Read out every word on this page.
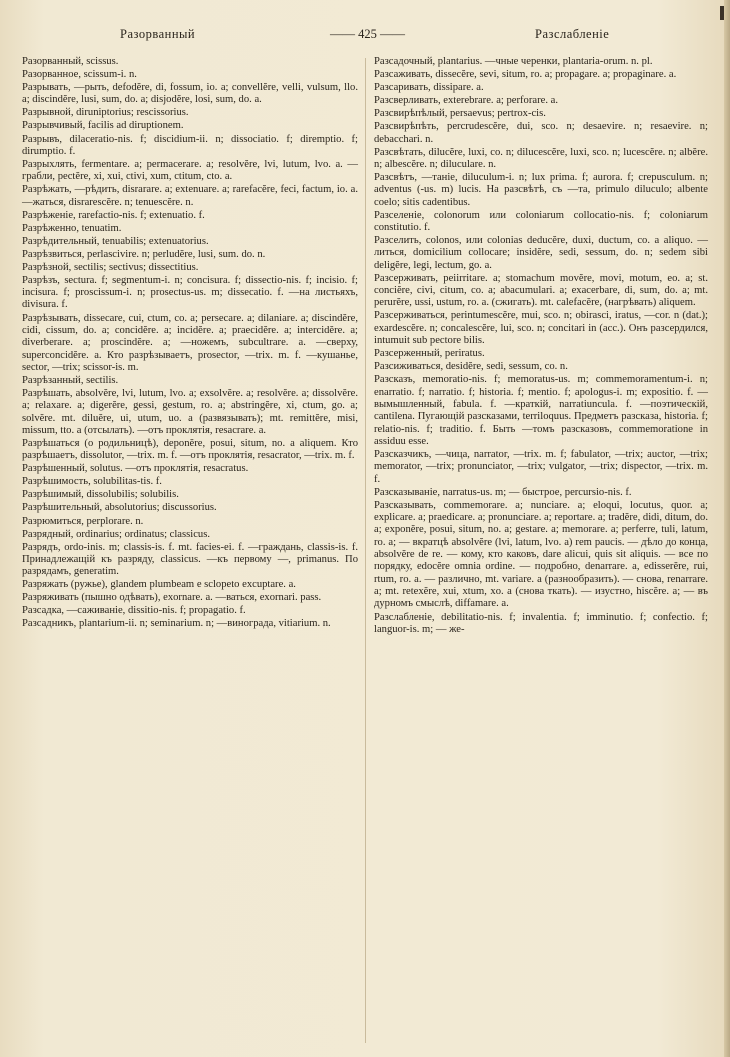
Разорванный	—— 425 ——	Разслабленіе
Разорванный, scissus.
Разорванное, scissum-i. n.
Разрывать, —рыть, defodĕre, di, fossum, io. a; convellĕre, velli, vulsum, llo. a; discindĕre, lusi, sum, do. a; disjodĕre, losi, sum, do. a.
Разрывной, diruniptorius; rescissorius.
Разрывчивый, facilis ad diruptionem.
Разрывъ, dilaceratio-nis. f; discidium-ii. n; dissociatio. f; diremptio. f; dirumptio. f.
Разрыхлять, fermentare. a; permacerare. a; resolvĕre, lvi, lutum, lvo. a. —грабли, pectĕre, xi, xui, ctivi, xum, ctitum, cto. a.
Разрѣжать, —рѣдить, disrarare. a; extenuare. a; rarefacĕre, feci, factum, io. a. —жаться, disrarescĕre. n; tenuescĕre. n.
Разрѣженіе, rarefactio-nis. f; extenuatio. f.
Разрѣженно, tenuatim.
Разрѣдительный, tenuabilis; extenuatorius.
Разрѣзвиться, perlascivire. n; perludĕre, lusi, sum. do. n.
Разрѣзной, sectilis; sectivus; dissectitius.
Разрѣзъ, sectura. f; segmentum-i. n; concisura. f; dissectio-nis. f; incisio. f; incisura. f; proscissum-i. n; prosectus-us. m; dissecatio. f. —на листьяхъ, divisura. f.
Разрѣзывать, dissecare, cui, ctum, co. a; persecare. a; dilaniare. a; discindĕre, cidi, cissum, do. a; concidĕre. a; incidĕre. a; praecidĕre. a; intercidĕre. a; diverberare. a; proscindĕre. a; —ножемъ, subcultrare. a. —сверху, superconcidĕre. a. Кто разрѣзываетъ, prosector, —trix. m. f. —кушанье, sector, —trix; scissor-is. m.
Разрѣзанный, sectilis.
Разрѣшать, absolvĕre, lvi, lutum, lvo. a; exsolvĕre. a; resolvĕre. a; dissolvĕre. a; relaxare. a; digerĕre, gessi, gestum, ro. a; abstringĕre, xi, ctum, go. a; solvĕre. mt. diluĕre, ui, utum, uo. a (развязывать); mt. remittĕre, misi, missum, tto. a (отсылать). —отъ проклятія, resacrare. a.
Разрѣшаться (о родильницѣ), deponĕre, posui, situm, no. a aliquem. Кто разрѣшаетъ, dissolutor, —trix. m. f. —отъ проклятія, resacrator, —trix. m. f.
Разрѣшенный, solutus. —отъ проклятія, resacratus.
Разрѣшимость, solubilitas-tis. f.
Разрѣшимый, dissolubilis; solubilis.
Разрѣшительный, absolutorius; discussorius.
Разрюмиться, perplorare. n.
Разрядный, ordinarius; ordinatus; classicus.
Разрядъ, ordo-inis. m; classis-is. f. mt. facies-ei. f. —граждань, classis-is. f. Принадлежащій къ разряду, classicus. —къ первому —, primanus. По разрядамъ, generatim.
Разряжать (ружье), glandem plumbeam e sclopeto excuptare. a.
Разряживать (пышно одѣвать), exornare. a. —ваться, exornari. pass.
Разсадка, —саживаніе, dissitio-nis. f; propagatio. f.
Разсадникъ, plantarium-ii. n; seminarium. n; —винограда, vitiarium. n.
Разсадочный, plantarius. —чные черенки, plantaria-orum. n. pl.
Разсаживать, dissecĕre, sevi, situm, ro. a; propagare. a; propaginare. a.
Разсаривать, dissipare. a.
Разсверливать, exterebrare. a; perforare. a.
Разсвирѣпѣлый, persaevus; pertrox-cis.
Разсвирѣпѣть, percrudescĕre, dui, sco. n; desaevire. n; resaevire. n; debacchari. n.
Разсвѣтать, dilucĕre, luxi, co. n; dilucescĕre, luxi, sco. n; lucescĕre. n; albĕre. n; albescĕre. n; diluculare. n.
Разсвѣтъ, —таніе, diluculum-i. n; lux prima. f; aurora. f; crepusculum. n; adventus (-us. m) lucis. На разсвѣтѣ, съ —та, primulo diluculo; albente coelo; sitis cadentibus.
Разселеніе, colonorum или coloniarum collocatio-nis. f; coloniarum constitutio. f.
Разселить, colonos, или colonias deducĕre, duxi, ductum, co. a aliquo. —литься, domicilium collocare; insidĕre, sedi, sessum, do. n; sedem sibi deligĕre, legi, lectum, go. a.
Разсерживать, peiirritare. a; stomachum movĕre, movi, motum, eo. a; st. conciĕre, civi, citum, co. a; abacumulari. a; exacerbare, di, sum, do. a; mt. perurĕre, ussi, ustum, ro. a. (сжигать). mt. calefacĕre, (нагрѣвать) aliquem.
Разсерживаться, perintumescĕre, mui, sco. n; obirasci, iratus, —cor. n (dat.); exardescĕre. n; concalescĕre, lui, sco. n; concitari in (acc.). Онъ разсердился, intumuit sub pectore bilis.
Разсерженный, periratus.
Разсиживаться, desidĕre, sedi, sessum, co. n.
Разсказъ, memoratio-nis. f; memoratus-us. m; commemoramentum-i. n; enarratio. f; narratio. f; historia. f; mentio. f; apologus-i. m; expositio. f. —вымышленный, fabula. f. —краткій, narratiuncula. f. —поэтическій, cantilena. Пугающій разсказами, terriloquus. Предметъ разсказа, historia. f; relatio-nis. f; traditio. f. Быть —томъ разсказовъ, commemoratione in assiduu esse.
Разсказчикъ, —чица, narrator, —trix. m. f; fabulator, —trix; auctor, —trix; memorator, —trix; pronunciator, —trix; vulgator, —trix; dispector, —trix. m. f.
Разсказываніе, narratus-us. m; — быстрое, percursio-nis. f.
Разсказывать, commemorare. a; nunciare. a; eloqui, locutus, quor. a; explicare. a; praedicare. a; pronunciare. a; reportare. a; tradĕre, didi, ditum, do. a; exponĕre, posui, situm, no. a; gestare. a; memorare. a; perferre, tuli, latum, ro. a; — вкратцѣ absolvĕre (lvi, latum, lvo. a) rem paucis. — дѣло до конца, absolvĕre de re. — кому, кто каковъ, dare alicui, quis sit aliquis. — все по порядку, edocĕre omnia ordine. — подробно, denarrare. a, edisserĕre, rui, rtum, ro. a. — различно, mt. variare. a (разнообразить). — снова, renarrare. a; mt. retexĕre, xui, xtum, xo. a (снова ткать). — изустно, hiscĕre. a; — въ дурномъ смыслѣ, diffamare. a.
Разслабленіе, debilitatio-nis. f; invalentia. f; imminutio. f; confectio. f; languor-is. m; — же-
